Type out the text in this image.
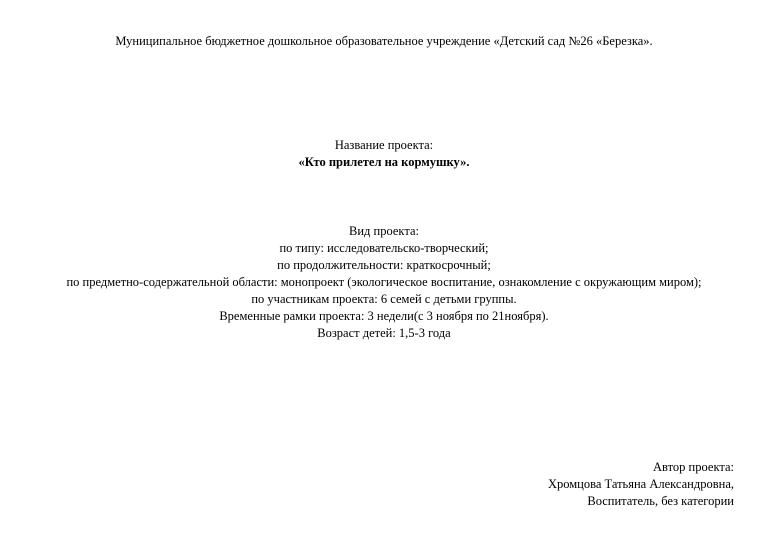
Муниципальное бюджетное дошкольное образовательное учреждение «Детский сад №26 «Березка».
Название проекта:
«Кто прилетел на кормушку».
Вид проекта:
по типу: исследовательско-творческий;
по продолжительности: краткосрочный;
по предметно-содержательной области: монопроект (экологическое воспитание, ознакомление с окружающим миром);
по участникам проекта: 6 семей с детьми группы.
Временные рамки проекта: 3 недели(с 3 ноября по 21ноября).
Возраст детей: 1,5-3 года
Автор проекта:
Хромцова Татьяна Александровна,
Воспитатель, без категории
